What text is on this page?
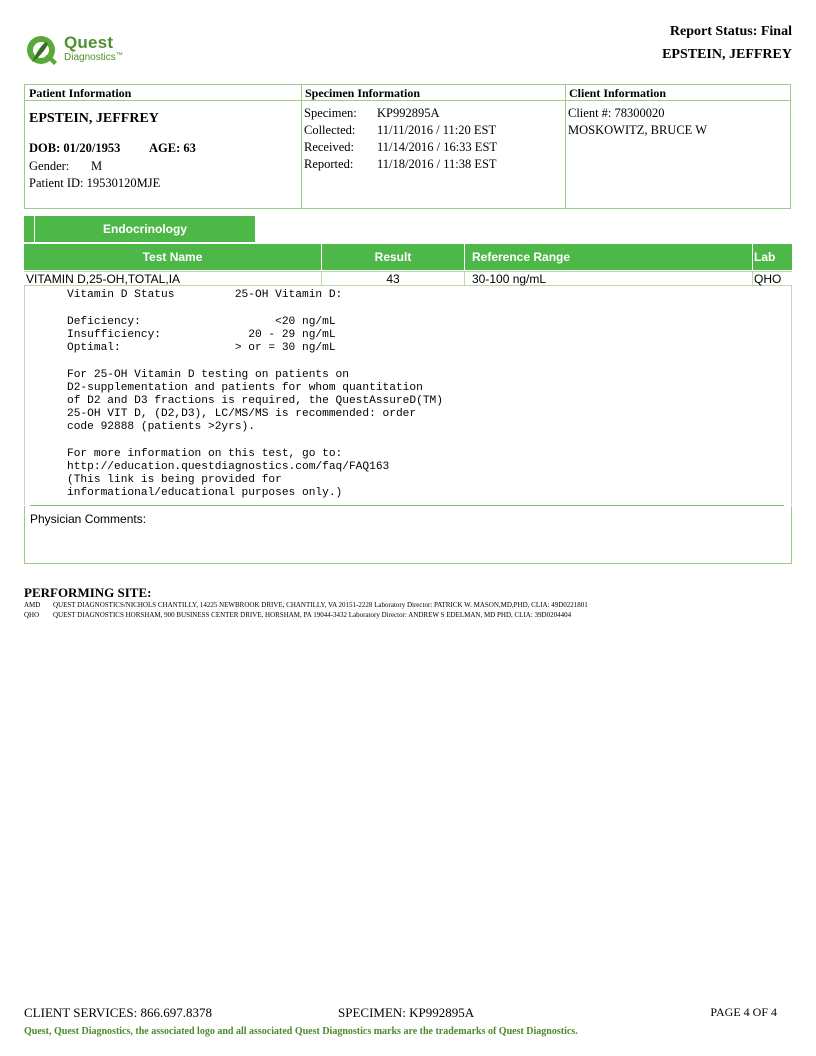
Quest
Diagnostics™
Report Status: Final
EPSTEIN, JEFFREY
Patient Information
EPSTEIN, JEFFREY
DOB: 01/20/1953 AGE: 63
Gender: M
Patient ID: 19530120MJE
Specimen Information
Specimen: KP992895A
Collected: 11/11/2016 / 11:20 EST
Received: 11/14/2016 / 16:33 EST
Reported: 11/18/2016 / 11:38 EST
Client Information
Client #: 78300020
MOSKOWITZ, BRUCE W
Endocrinology
Test Name	Result	Reference Range	Lab
VITAMIN D,25-OH,TOTAL,IA	43	30-100 ng/mL	QHO
Vitamin D Status         25-OH Vitamin D:
Deficiency:                    <20 ng/mL
Insufficiency:             20 - 29 ng/mL
Optimal:                 > or = 30 ng/mL
For 25-OH Vitamin D testing on patients on
D2-supplementation and patients for whom quantitation
of D2 and D3 fractions is required, the QuestAssureD(TM)
25-OH VIT D, (D2,D3), LC/MS/MS is recommended: order
code 92888 (patients >2yrs).
For more information on this test, go to:
http://education.questdiagnostics.com/faq/FAQ163
(This link is being provided for
informational/educational purposes only.)
Physician Comments:
PERFORMING SITE:
AMD QUEST DIAGNOSTICS/NICHOLS CHANTILLY, 14225 NEWBROOK DRIVE, CHANTILLY, VA 20151-2228 Laboratory Director: PATRICK W. MASON,MD,PHD, CLIA: 49D0221801
QHO QUEST DIAGNOSTICS HORSHAM, 900 BUSINESS CENTER DRIVE, HORSHAM, PA 19044-3432 Laboratory Director: ANDREW S EDELMAN, MD PHD, CLIA: 39D0204404
CLIENT SERVICES: 866.697.8378	SPECIMEN: KP992895A	PAGE 4 OF 4
Quest, Quest Diagnostics, the associated logo and all associated Quest Diagnostics marks are the trademarks of Quest Diagnostics.
